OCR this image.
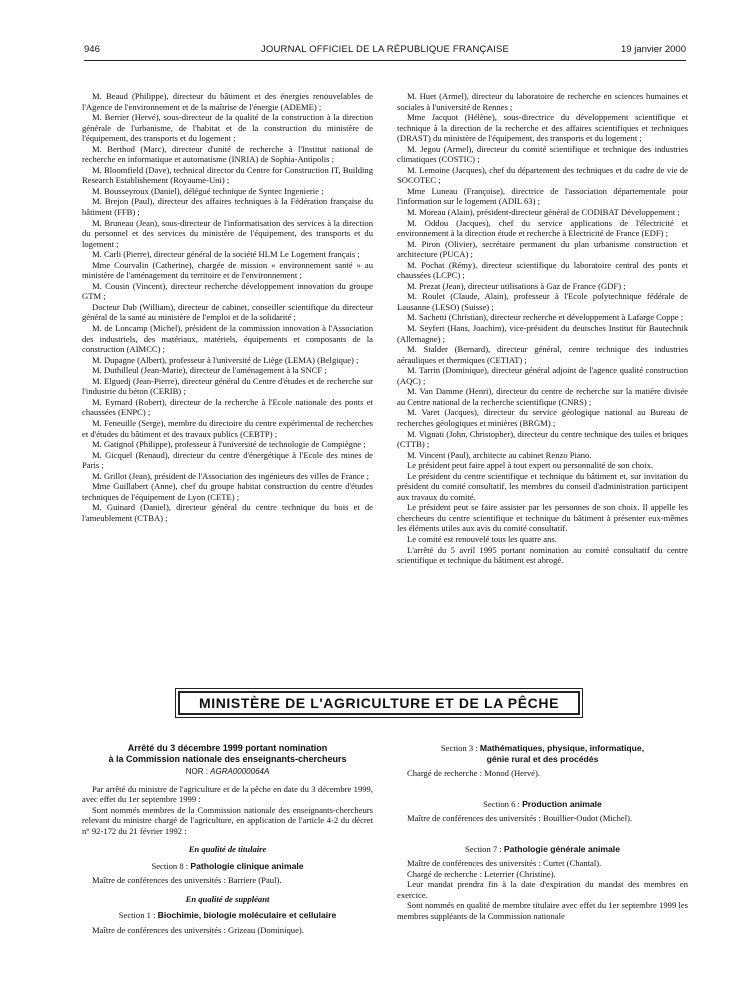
946	JOURNAL OFFICIEL DE LA RÉPUBLIQUE FRANÇAISE	19 janvier 2000

M. Beaud (Philippe), directeur du bâtiment et des énergies renouvelables de l'Agence de l'environnement et de la maîtrise de l'énergie (ADEME) ;

M. Berrier (Hervé), sous-directeur de la qualité de la construction à la direction générale de l'urbanisme, de l'habitat et de la construction du ministère de l'équipement, des transports et du logement ;

M. Berthod (Marc), directeur d'unité de recherche à l'Institut national de recherche en informatique et automatisme (INRIA) de Sophia-Antipolis ;

M. Bloomfield (Dave), technical director du Centre for Construction IT, Building Research Establishement (Royaume-Uni) ;

M. Bousseyroux (Daniel), délégué technique de Syntec Ingenierie ;

M. Brejon (Paul), directeur des affaires techniques à la Fédération française du bâtiment (FFB) ;

M. Bruneau (Jean), sous-directeur de l'informatisation des services à la direction du personnel et des services du ministère de l'équipement, des transports et du logement ;

M. Carli (Pierre), directeur général de la société HLM Le Logement français ;

Mme Courvalin (Catherine), chargée de mission « environnement santé » au ministère de l'aménagement du territoire et de l'environnement ;

M. Cousin (Vincent), directeur recherche développement innovation du groupe GTM ;

Docteur Dab (William), directeur de cabinet, conseiller scientifique du directeur général de la santé au ministère de l'emploi et de la solidarité ;

M. de Loncamp (Michel), président de la commission innovation à l'Association des industriels, des matériaux, matériels, équipements et composants de la construction (AIMCC) ;

M. Dupagne (Albert), professeur à l'université de Liège (LEMA) (Belgique) ;

M. Duthilleul (Jean-Marie), directeur de l'aménagement à la SNCF ;

M. Elguedj (Jean-Pierre), directeur général du Centre d'études et de recherche sur l'industrie du béton (CERIB) ;

M. Eymard (Robert), directeur de la recherche à l'Ecole nationale des ponts et chaussées (ENPC) ;

M. Feneuille (Serge), membre du directoire du centre expérimental de recherches et d'études du bâtiment et des travaux publics (CEBTP) ;

M. Gatignol (Philippe), professeur à l'université de technologie de Compiègne ;

M. Gicquel (Renaud), directeur du centre d'énergétique à l'Ecole des mines de Paris ;

M. Grillot (Jean), président de l'Association des ingénieurs des villes de France ;

Mme Guillabert (Anne), chef du groupe habitat construction du centre d'études techniques de l'équipement de Lyon (CETE) ;

M. Guinard (Daniel), directeur général du centre technique du bois et de l'ameublement (CTBA) ;

M. Huet (Armel), directeur du laboratoire de recherche en sciences humaines et sociales à l'université de Rennes ;

Mme Jacquot (Hélène), sous-directrice du développement scientifique et technique à la direction de la recherche et des affaires scientifiques et techniques (DRAST) du ministère de l'équipement, des transports et du logement ;

M. Jegou (Armel), directeur du comité scientifique et technique des industries climatiques (COSTIC) ;

M. Lemoine (Jacques), chef du département des techniques et du cadre de vie de SOCOTEC ;

Mme Luneau (Françoise), directrice de l'association départementale pour l'information sur le logement (ADIL 63) ;

M. Moreau (Alain), président-directeur général de CODIBAT Développement ;

M. Oddou (Jacques), chef du service applications de l'électricité et environnement à la direction étude et recherche à Electricité de France (EDF) ;

M. Piron (Olivier), secrétaire permanent du plan urbanisme construction et architecture (PUCA) ;

M. Pochat (Rémy), directeur scientifique du laboratoire central des ponts et chaussées (LCPC) ;

M. Prezat (Jean), directeur utilisations à Gaz de France (GDF) ;

M. Roulet (Claude, Alain), professeur à l'Ecole polytechnique fédérale de Lausanne (LESO) (Suisse) ;

M. Sachetti (Christian), directeur recherche et développement à Lafarge Coppe ;

M. Seyfert (Hans, Joachim), vice-président du deutsches Institut für Bautechnik (Allemagne) ;

M. Stalder (Bernard), directeur général, centre technique des industries aérauliques et thermiques (CETIAT) ;

M. Tarrin (Dominique), directeur général adjoint de l'agence qualité construction (AQC) ;

M. Van Damme (Henri), directeur du centre de recherche sur la matière divisée au Centre national de la recherche scientifique (CNRS) ;

M. Varet (Jacques), directeur du service géologique national au Bureau de recherches géologiques et minières (BRGM) ;

M. Vignati (John, Christopher), directeur du centre technique des tuiles et briques (CTTB) ;

M. Vincent (Paul), architecte au cabinet Renzo Piano.

Le président peut faire appel à tout expert ou personnalité de son choix.

Le président du centre scientifique et technique du bâtiment et, sur invitation du président du comité consultatif, les membres du conseil d'administration participent aux travaux du comité.

Le président peut se faire assister par les personnes de son choix. Il appelle les chercheurs du centre scientifique et technique du bâtiment à présenter eux-mêmes les éléments utiles aux avis du comité consultatif.

Le comité est renouvelé tous les quatre ans.

L'arrêté du 5 avril 1995 portant nomination au comité consultatif du centre scientifique et technique du bâtiment est abrogé.

MINISTÈRE DE L'AGRICULTURE ET DE LA PÊCHE
Arrêté du 3 décembre 1999 portant nomination
à la Commission nationale des enseignants-chercheurs
NOR : AGRA0000064A

Par arrêté du ministre de l'agriculture et de la pêche en date du 3 décembre 1999, avec effet du 1er septembre 1999 :

Sont nommés membres de la Commission nationale des enseignants-chercheurs relevant du ministre chargé de l'agriculture, en application de l'article 4-2 du décret n° 92-172 du 21 février 1992 :

En qualité de titulaire
Section 8 : Pathologie clinique animale

Maître de conférences des universités : Barriere (Paul).

En qualité de suppléant
Section 1 : Biochimie, biologie moléculaire et cellulaire

Maître de conférences des universités : Grizeau (Dominique).

Section 3 : Mathématiques, physique, informatique,
génie rural et des procédés

Chargé de recherche : Monod (Hervé).

Section 6 : Production animale

Maître de conférences des universités : Bouillier-Oudot (Michel).

Section 7 : Pathologie générale animale

Maître de conférences des universités : Curtet (Chantal).

Chargé de recherche : Leterrier (Christine).

Leur mandat prendra fin à la date d'expiration du mandat des membres en exercice.

Sont nommés en qualité de membre titulaire avec effet du 1er septembre 1999 les membres suppléants de la Commission nationale
